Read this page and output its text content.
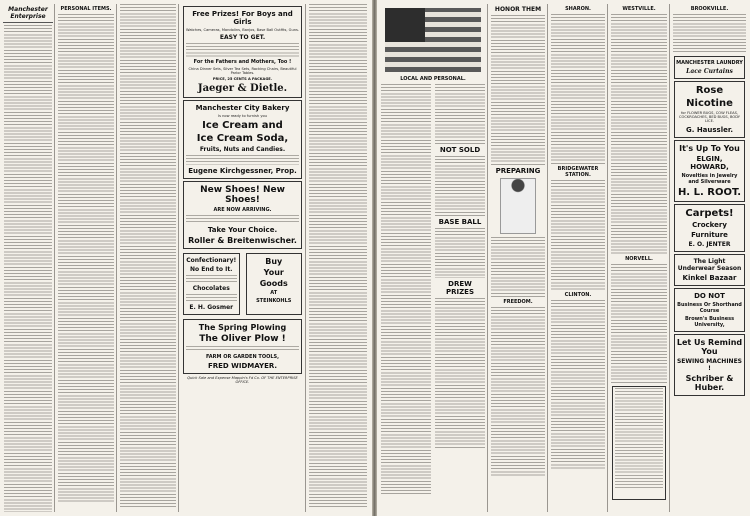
Manchester Enterprise
PERSONAL ITEMS.
Free Prizes! For Boys and Girls
Watches, Cameras, Mandolins, Banjos, Base Ball Outfits, Guns.
EASY TO GET.
For the Fathers and Mothers, Too !
China Dinner Sets, Silver Tea Sets, Rocking Chairs, Beautiful Parlor Tables.
PRICE, 25 CENTS A PACKAGE.
Jaeger & Dietle.
Manchester City Bakery
Is now ready to furnish you
Ice Cream and
Ice Cream Soda,
Fruits, Nuts and Candies.
Eugene Kirchgessner, Prop.
New Shoes! New Shoes!
ARE NOW ARRIVING.
Take Your Choice.
Roller & Breitenwischer.
Confectionary!
No End to It.
Chocolates
E. H. Gosmer
Buy
Your
Goods
AT
STEINKOHLS
The Spring Plowing
The Oliver Plow !
FARM OR GARDEN TOOLS,
FRED WIDMAYER.
Quick Sale and Expense Mappin's Fd Co. OF THE ENTERPRISE OFFICE.
LOCAL AND PERSONAL.
NOT SOLD
BASE BALL
DREW PRIZES
HONOR THEM
PREPARING
FREEDOM.
SHARON.
BRIDGEWATER STATION.
CLINTON.
WESTVILLE.
NORVELL.
BROOKVILLE.
MANCHESTER LAUNDRY
Lace Curtains
Rose
Nicotine
for FLOWER BUGS, COW FLEAS, COCKROACHES, BED BUGS, BODY LICE.
G. Haussler.
It's Up To You
ELGIN, HOWARD,
Novelties in Jewelry and Silverware
H. L. ROOT.
Carpets!
Crockery
Furniture
E. O. JENTER
The Light Underwear Season
Kinkel Bazaar
DO NOT
Business Or Shorthand Course
Brown's Business University,
Let Us Remind You
SEWING MACHINES !
Schriber & Huber.
